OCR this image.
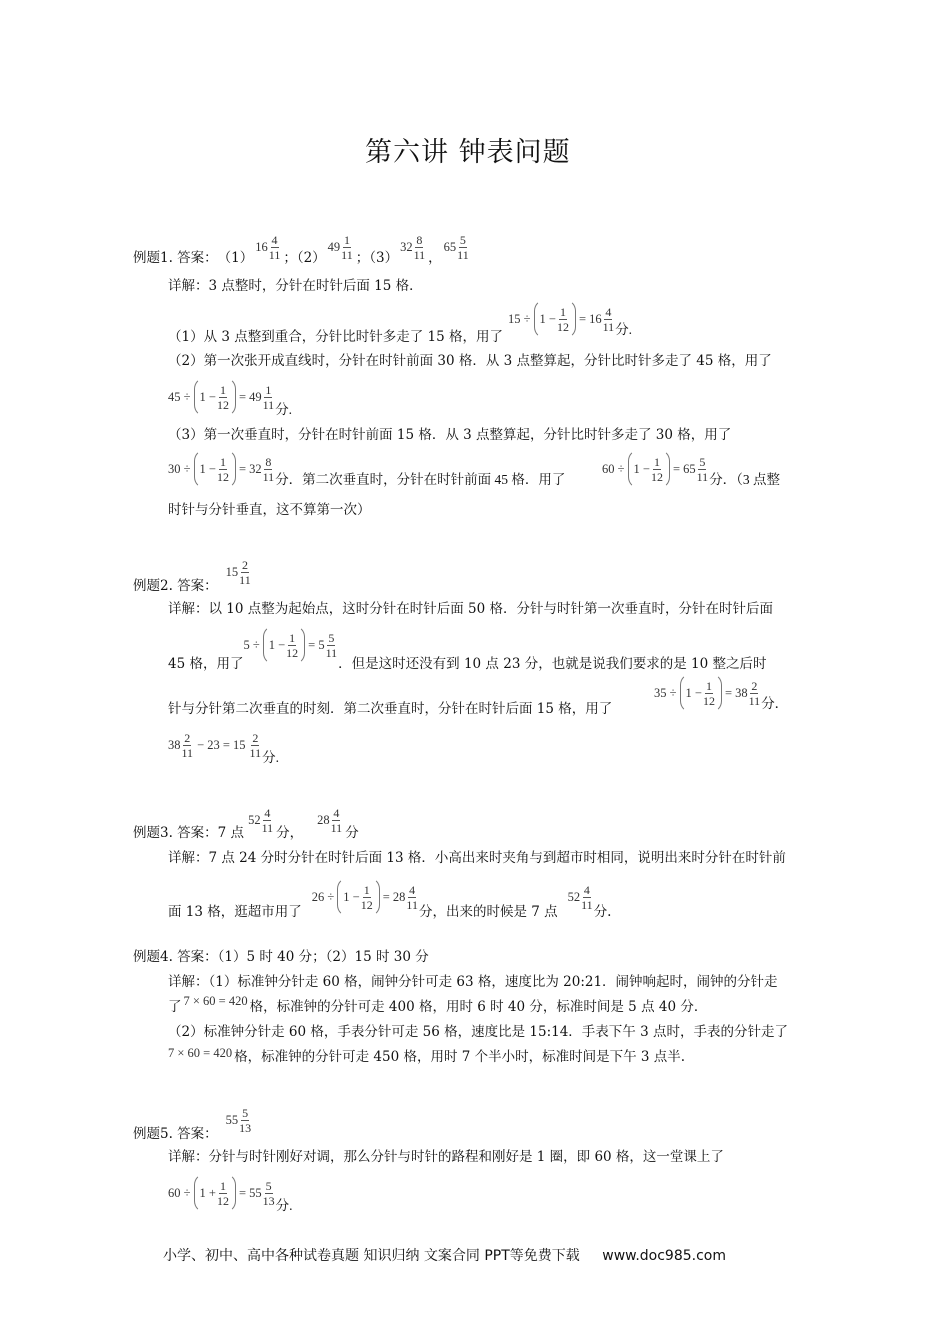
第六讲 钟表问题
例题1. 答案： （1）
$16 \frac{4}{11}$ ；（2）
$49 \frac{1}{11}$ ；（3）
$32 \frac{8}{11}$ ，
$65 \frac{5}{11}$
详解：3 点整时，分针在时针后面 15 格．
（1）从 3 点整到重合，分针比时针多走了 15 格，用了
$15 \div 1 - \frac{1}{12} = 16 \frac{4}{11}$ 分.
（2）第一次张开成直线时，分针在时针前面 30 格．从 3 点整算起，分针比时针多走了 45 格，用了
$45 \div 1 - \frac{1}{12} = 49 \frac{1}{11}$ 分.
（3）第一次垂直时，分针在时针前面 15 格．从 3 点整算起，分针比时针多走了 30 格，用了
$30 \div 1 - \frac{1}{12} = 32 \frac{8}{11}$ 分．第二次垂直时，分针在时针前面 45 格．用了
$60 \div 1 - \frac{1}{12} = 65 \frac{5}{11}$ 分．（3 点整
时针与分针垂直，这不算第一次）
例题2. 答案：
$15 \frac{2}{11}$
详解：以 10 点整为起始点，这时分针在时针后面 50 格．分针与时针第一次垂直时，分针在时针后面
45 格，用了
$5 \div 1 - \frac{1}{12} = 5 \frac{5}{11}$
．但是这时还没有到 10 点 23 分，也就是说我们要求的是 10 整之后时
针与分针第二次垂直的时刻．第二次垂直时，分针在时针后面 15 格，用了
$35 \div 1 - \frac{1}{12} = 38 \frac{2}{11}$ 分．
$38 \frac{2}{11} - 23 = 15 \frac{2}{11}$ 分.
例题3. 答案：7 点
$52 \frac{4}{11}$ 分，
$28 \frac{4}{11}$ 分
详解：7 点 24 分时分针在时针后面 13 格．小高出来时夹角与到超市时相同，说明出来时分针在时针前
面 13 格，逛超市用了
$26 \div 1 - \frac{1}{12} = 28 \frac{4}{11}$
分，出来的时候是 7 点
$52 \frac{4}{11}$
分.
例题4. 答案：（1）5 时 40 分；（2）15 时 30 分
详解：（1）标准钟分针走 60 格，闹钟分针可走 63 格，速度比为 20:21．闹钟响起时，闹钟的分针走
了 7 × 60 = 420 格，标准钟的分针可走 400 格，用时 6 时 40 分，标准时间是 5 点 40 分．
（2）标准钟分针走 60 格，手表分针可走 56 格，速度比是 15:14．手表下午 3 点时，手表的分针走了
7 × 60 = 420 格，标准钟的分针可走 450 格，用时 7 个半小时，标准时间是下午 3 点半.
例题5. 答案：
$55 \frac{5}{13}$
详解：分针与时针刚好对调，那么分针与时针的路程和刚好是 1 圈，即 60 格，这一堂课上了
$60 \div 1 + \frac{1}{12} = 55 \frac{5}{13}$ 分.
小学、初中、高中各种试卷真题 知识归纳 文案合同 PPT等免费下载 www.doc985.com
